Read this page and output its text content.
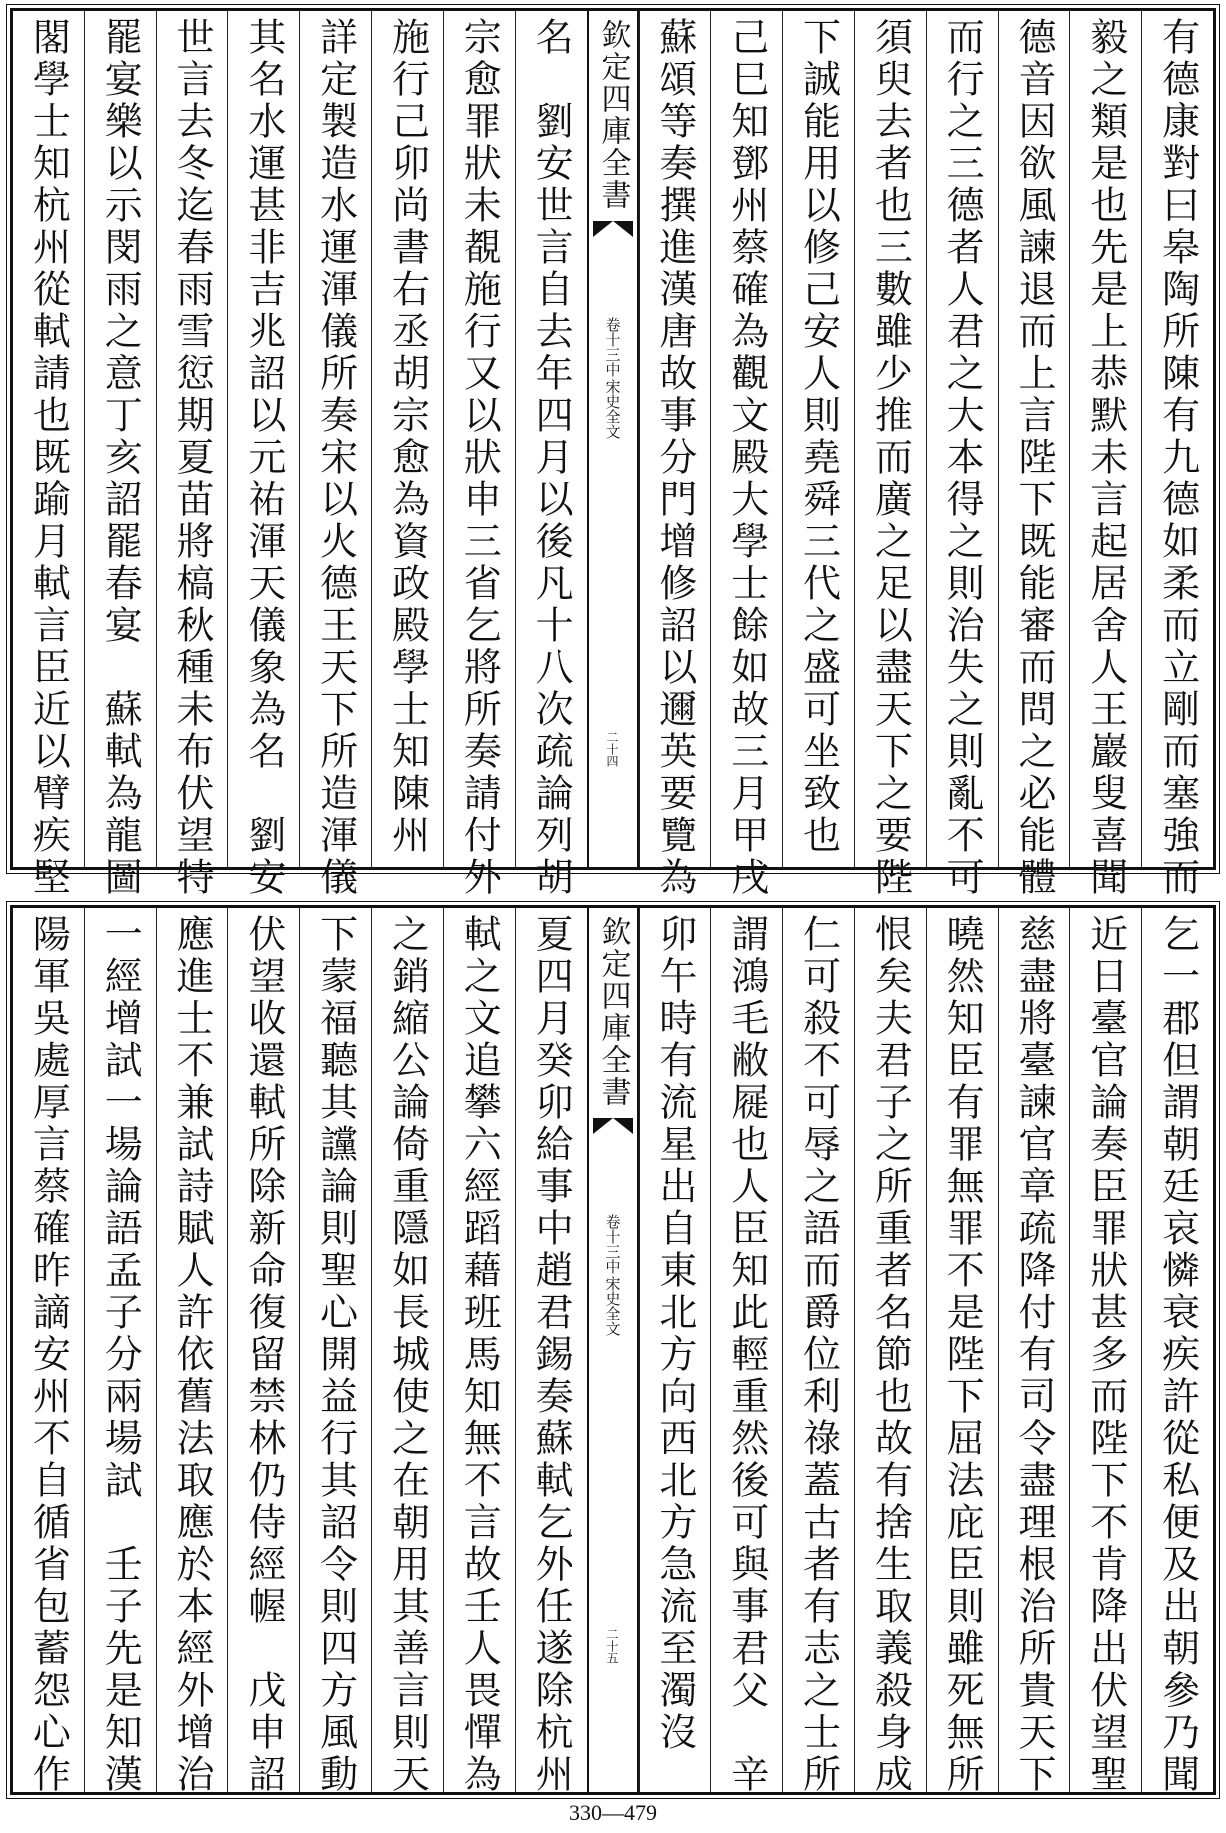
有德康對曰皋陶所陳有九德如柔而立剛而塞強而
毅之類是也先是上恭默未言起居舍人王巖叟喜聞
德音因欲風諫退而上言陛下既能審而問之必能體
而行之三德者人君之大本得之則治失之則亂不可
須臾去者也三數雖少推而廣之足以盡天下之要陛
下誠能用以修己安人則堯舜三代之盛可坐致也
己巳知鄧州蔡確為觀文殿大學士餘如故三月甲戌
蘇頌等奏撰進漢唐故事分門增修詔以邇英要覽為
欽定四庫全書
宋史全文
卷十三中
二十四
名　劉安世言自去年四月以後凡十八次疏論列胡
宗愈罪狀未覩施行又以狀申三省乞將所奏請付外
施行己卯尚書右丞胡宗愈為資政殿學士知陳州
詳定製造水運渾儀所奏宋以火德王天下所造渾儀
其名水運甚非吉兆詔以元祐渾天儀象為名　劉安
世言去冬迄春雨雪愆期夏苗將槁秋種未布伏望特
罷宴樂以示閔雨之意丁亥詔罷春宴　蘇軾為龍圖
閣學士知杭州從軾請也既踰月軾言臣近以臂疾堅
乞一郡但謂朝廷哀憐衰疾許從私便及出朝參乃聞
近日臺官論奏臣罪狀甚多而陛下不肯降出伏望聖
慈盡將臺諫官章疏降付有司令盡理根治所貴天下
曉然知臣有罪無罪不是陛下屈法庇臣則雖死無所
恨矣夫君子之所重者名節也故有捨生取義殺身成
仁可殺不可辱之語而爵位利祿蓋古者有志之士所
謂鴻毛敝屣也人臣知此輕重然後可與事君父　辛
卯午時有流星出自東北方向西北方急流至濁沒
欽定四庫全書
宋史全文
卷十三中
二十五
夏四月癸卯給事中趙君錫奏蘇軾乞外任遂除杭州
軾之文追攀六經蹈藉班馬知無不言故壬人畏憚為
之銷縮公論倚重隱如長城使之在朝用其善言則天
下蒙福聽其讜論則聖心開益行其詔令則四方風動
伏望收還軾所除新命復留禁林仍侍經幄　戊申詔
應進士不兼試詩賦人許依舊法取應於本經外增治
一經增試一場論語孟子分兩場試　壬子先是知漢
陽軍吳處厚言蔡確昨謫安州不自循省包蓄怨心作
330—479
